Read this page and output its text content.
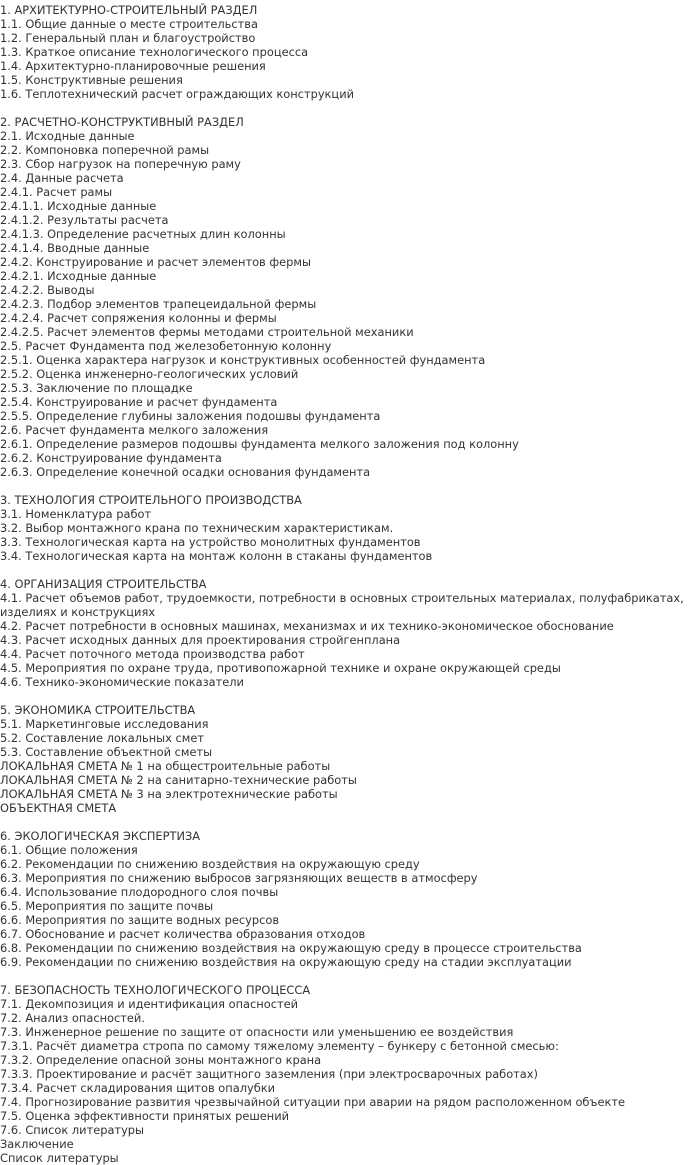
1. АРХИТЕКТУРНО-СТРОИТЕЛЬНЫЙ РАЗДЕЛ
1.1. Общие данные о месте строительства
1.2. Генеральный план и благоустройство
1.3. Краткое описание технологического процесса
1.4. Архитектурно-планировочные решения
1.5. Конструктивные решения
1.6. Теплотехнический расчет ограждающих конструкций
2. РАСЧЕТНО-КОНСТРУКТИВНЫЙ РАЗДЕЛ
2.1. Исходные данные
2.2. Компоновка поперечной рамы
2.3. Сбор нагрузок на поперечную раму
2.4. Данные расчета
2.4.1. Расчет рамы
2.4.1.1. Исходные данные
2.4.1.2. Результаты расчета
2.4.1.3. Определение расчетных длин колонны
2.4.1.4. Вводные данные
2.4.2. Конструирование и расчет элементов фермы
2.4.2.1. Исходные данные
2.4.2.2. Выводы
2.4.2.3. Подбор элементов трапецеидальной фермы
2.4.2.4. Расчет сопряжения колонны и фермы
2.4.2.5. Расчет элементов фермы методами строительной механики
2.5. Расчет Фундамента под железобетонную колонну
2.5.1. Оценка характера нагрузок и конструктивных особенностей фундамента
2.5.2. Оценка инженерно-геологических условий
2.5.3. Заключение по площадке
2.5.4. Конструирование и расчет фундамента
2.5.5. Определение глубины заложения подошвы фундамента
2.6. Расчет фундамента мелкого заложения
2.6.1. Определение размеров подошвы фундамента мелкого заложения под колонну
2.6.2. Конструирование фундамента
2.6.3. Определение конечной осадки основания фундамента
3. ТЕХНОЛОГИЯ СТРОИТЕЛЬНОГО ПРОИЗВОДСТВА
3.1. Номенклатура работ
3.2. Выбор монтажного крана по техническим характеристикам.
3.3. Технологическая карта на устройство монолитных фундаментов
3.4. Технологическая карта на монтаж колонн в стаканы фундаментов
4. ОРГАНИЗАЦИЯ СТРОИТЕЛЬСТВА
4.1. Расчет объемов работ, трудоемкости, потребности в основных строительных материалах, полуфабрикатах, изделиях и конструкциях
4.2. Расчет потребности в основных машинах, механизмах и их технико-экономическое обоснование
4.3. Расчет исходных данных для проектирования стройгенплана
4.4. Расчет поточного метода производства работ
4.5. Мероприятия по охране труда, противопожарной технике и охране окружающей среды
4.6. Технико-экономические показатели
5. ЭКОНОМИКА СТРОИТЕЛЬСТВА
5.1. Маркетинговые исследования
5.2. Составление локальных смет
5.3. Составление объектной сметы
ЛОКАЛЬНАЯ СМЕТА № 1 на общестроительные работы
ЛОКАЛЬНАЯ СМЕТА № 2 на санитарно-технические работы
ЛОКАЛЬНАЯ СМЕТА № 3 на электротехнические работы
ОБЪЕКТНАЯ СМЕТА
6. ЭКОЛОГИЧЕСКАЯ ЭКСПЕРТИЗА
6.1. Общие положения
6.2. Рекомендации по снижению воздействия на окружающую среду
6.3. Мероприятия по снижению выбросов загрязняющих веществ в атмосферу
6.4. Использование плодородного слоя почвы
6.5. Мероприятия по защите почвы
6.6. Мероприятия по защите водных ресурсов
6.7. Обоснование и расчет количества образования отходов
6.8. Рекомендации по снижению воздействия на окружающую среду в процессе строительства
6.9. Рекомендации по снижению воздействия на окружающую среду на стадии эксплуатации
7. БЕЗОПАСНОСТЬ ТЕХНОЛОГИЧЕСКОГО ПРОЦЕССА
7.1. Декомпозиция и идентификация опасностей
7.2. Анализ опасностей.
7.3. Инженерное решение по защите от опасности или уменьшению ее воздействия
7.3.1. Расчёт диаметра стропа по самому тяжелому элементу – бункеру с бетонной смесью:
7.3.2. Определение опасной зоны монтажного крана
7.3.3. Проектирование и расчёт защитного заземления (при электросварочных работах)
7.3.4. Расчет складирования щитов опалубки
7.4. Прогнозирование развития чрезвычайной ситуации при аварии на рядом расположенном объекте
7.5. Оценка эффективности принятых решений
7.6. Список литературы
Заключение
Список литературы
